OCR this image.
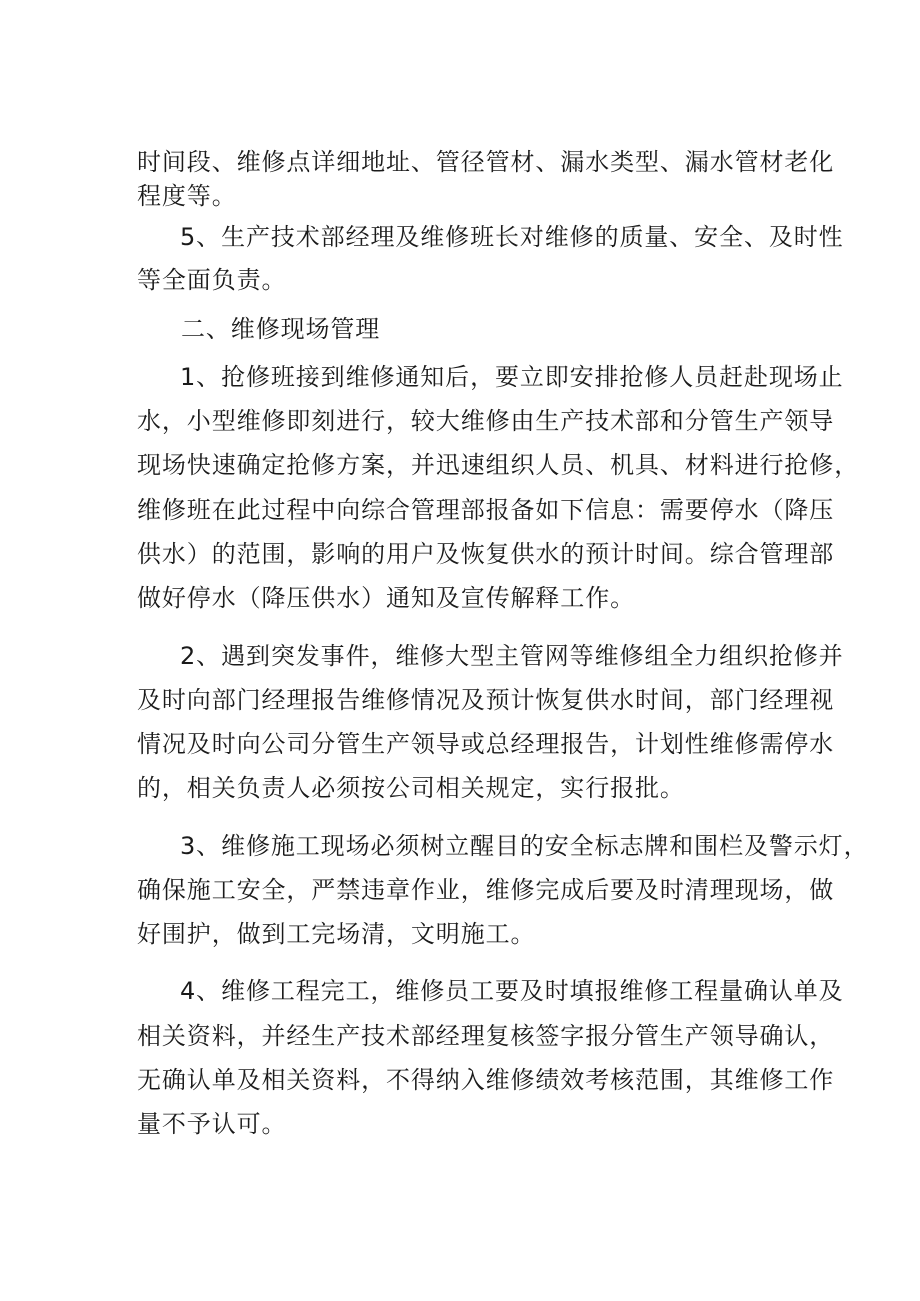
时间段、维修点详细地址、管径管材、漏水类型、漏水管材老化
程度等。
5、生产技术部经理及维修班长对维修的质量、安全、及时性
等全面负责。
二、维修现场管理
1、抢修班接到维修通知后，要立即安排抢修人员赶赴现场止
水，小型维修即刻进行，较大维修由生产技术部和分管生产领导
现场快速确定抢修方案，并迅速组织人员、机具、材料进行抢修，
维修班在此过程中向综合管理部报备如下信息：需要停水（降压
供水）的范围，影响的用户及恢复供水的预计时间。综合管理部
做好停水（降压供水）通知及宣传解释工作。
2、遇到突发事件，维修大型主管网等维修组全力组织抢修并
及时向部门经理报告维修情况及预计恢复供水时间，部门经理视
情况及时向公司分管生产领导或总经理报告，计划性维修需停水
的，相关负责人必须按公司相关规定，实行报批。
3、维修施工现场必须树立醒目的安全标志牌和围栏及警示灯，
确保施工安全，严禁违章作业，维修完成后要及时清理现场，做
好围护，做到工完场清，文明施工。
4、维修工程完工，维修员工要及时填报维修工程量确认单及
相关资料，并经生产技术部经理复核签字报分管生产领导确认，
无确认单及相关资料，不得纳入维修绩效考核范围，其维修工作
量不予认可。
